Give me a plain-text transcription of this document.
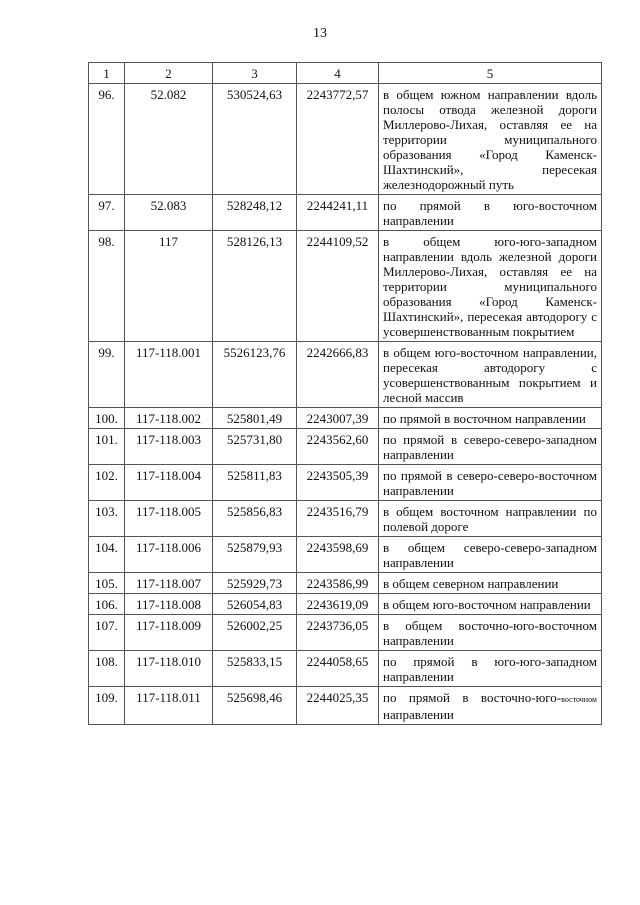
13
1	2	3	4	5
96.	52.082	530524,63	2243772,57	в общем южном направлении вдоль полосы отвода железной дороги Миллерово-Лихая, оставляя ее на территории муниципального образования «Город Каменск-Шахтинский», пересекая железнодорожный путь
97.	52.083	528248,12	2244241,11	по прямой в юго-восточном направлении
98.	117	528126,13	2244109,52	в общем юго-юго-западном направлении вдоль железной дороги Миллерово-Лихая, оставляя ее на территории муниципального образования «Город Каменск-Шахтинский», пересекая автодорогу с усовершенствованным покрытием
99.	117-118.001	5526123,76	2242666,83	в общем юго-восточном направлении, пересекая автодорогу с усовершенствованным покрытием и лесной массив
100.	117-118.002	525801,49	2243007,39	по прямой в восточном направлении
101.	117-118.003	525731,80	2243562,60	по прямой в северо-северо-западном направлении
102.	117-118.004	525811,83	2243505,39	по прямой в северо-северо-восточном направлении
103.	117-118.005	525856,83	2243516,79	в общем восточном направлении по полевой дороге
104.	117-118.006	525879,93	2243598,69	в общем северо-северо-западном направлении
105.	117-118.007	525929,73	2243586,99	в общем северном направлении
106.	117-118.008	526054,83	2243619,09	в общем юго-восточном направлении
107.	117-118.009	526002,25	2243736,05	в общем восточно-юго-восточном направлении
108.	117-118.010	525833,15	2244058,65	по прямой в юго-юго-западном направлении
109.	117-118.011	525698,46	2244025,35	по прямой в восточно-юго-восточном направлении
